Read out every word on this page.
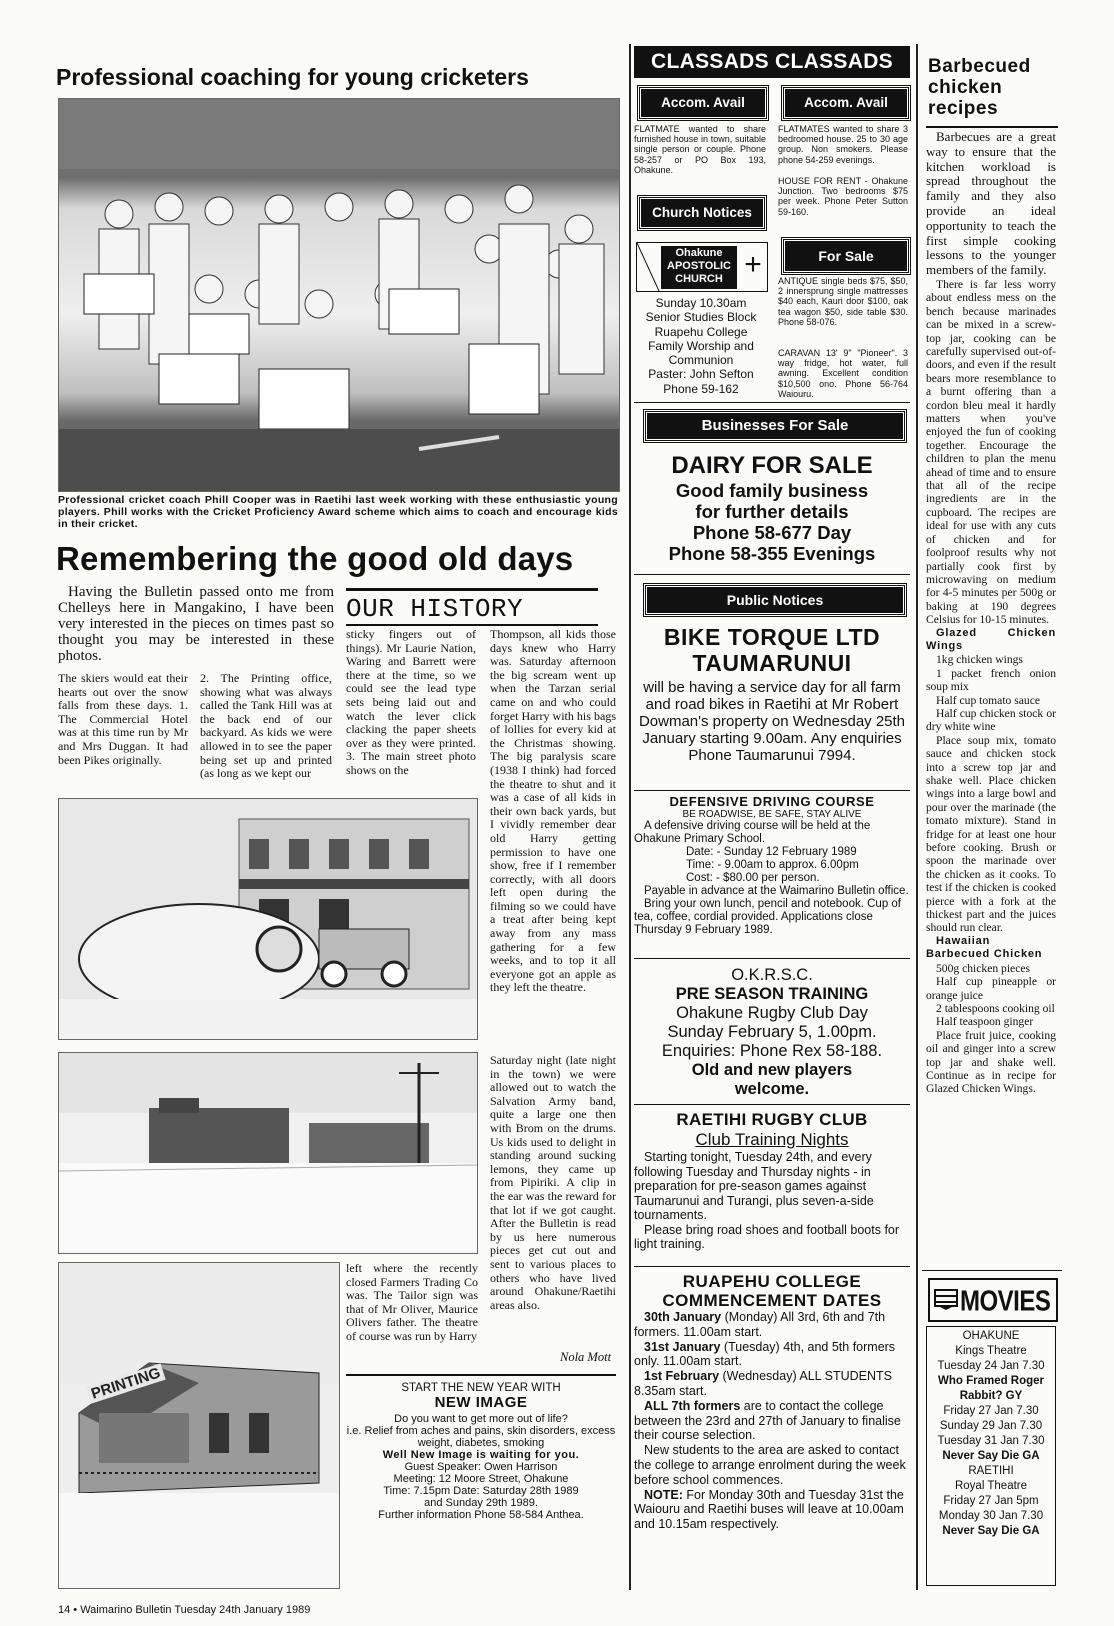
Professional coaching for young cricketers
Professional cricket coach Phill Cooper was in Raetihi last week working with these enthusiastic young players. Phill works with the Cricket Proficiency Award scheme which aims to coach and encourage kids in their cricket.
Remembering the good old days
Having the Bulletin passed onto me from Chelleys here in Mangakino, I have been very interested in the pieces on times past so thought you may be interested in these photos.
The skiers would eat their hearts out over the snow falls from these days. 1. The Commercial Hotel was at this time run by Mr and Mrs Duggan. It had been Pikes originally.
2. The Printing office, showing what was always called the Tank Hill was at the back end of our backyard. As kids we were allowed in to see the paper being set up and printed (as long as we kept our
OUR HISTORY
sticky fingers out of things). Mr Laurie Nation, Waring and Barrett were there at the time, so we could see the lead type sets being laid out and watch the lever click clacking the paper sheets over as they were printed. 3. The main street photo shows on the
Thompson, all kids those days knew who Harry was. Saturday afternoon the big scream went up when the Tarzan serial came on and who could forget Harry with his bags of lollies for every kid at the Christmas showing. The big paralysis scare (1938 I think) had forced the theatre to shut and it was a case of all kids in their own back yards, but I vividly remember dear old Harry getting permission to have one show, free if I remember correctly, with all doors left open during the filming so we could have a treat after being kept away from any mass gathering for a few weeks, and to top it all everyone got an apple as they left the theatre.
Saturday night (late night in the town) we were allowed out to watch the Salvation Army band, quite a large one then with Brom on the drums. Us kids used to delight in standing around sucking lemons, they came up from Pipiriki. A clip in the ear was the reward for that lot if we got caught. After the Bulletin is read by us here numerous pieces get cut out and sent to various places to others who have lived around Ohakune/Raetihi areas also.
PRINTING
left where the recently closed Farmers Trading Co was. The Tailor sign was that of Mr Oliver, Maurice Olivers father. The theatre of course was run by Harry
Nola Mott
START THE NEW YEAR WITH
NEW IMAGE
Do you want to get more out of life?
i.e. Relief from aches and pains, skin disorders, excess weight, diabetes, smoking
Well New Image is waiting for you.
Guest Speaker: Owen Harrison
Meeting: 12 Moore Street, Ohakune
Time: 7.15pm Date: Saturday 28th 1989
and Sunday 29th 1989.
Further information Phone 58-584 Anthea.
14 • Waimarino Bulletin Tuesday 24th January 1989
CLASSADS CLASSADS
Accom. Avail
FLATMATE wanted to share furnished house in town, suitable single person or couple. Phone 58-257 or PO Box 193, Ohakune.
Accom. Avail
FLATMATES wanted to share 3 bedroomed house. 25 to 30 age group. Non smokers. Please phone 54-259 evenings.
HOUSE FOR RENT - Ohakune Junction. Two bedrooms $75 per week. Phone Peter Sutton 59-160.
Church Notices
Ohakune APOSTOLIC CHURCH +
Sunday 10.30am
Senior Studies Block
Ruapehu College
Family Worship and
Communion
Paster: John Sefton
Phone 59-162
For Sale
ANTIQUE single beds $75, $50, 2 innersprung single mattresses $40 each, Kauri door $100, oak tea wagon $50, side table $30. Phone 58-076.
CARAVAN 13' 9" "Pioneer". 3 way fridge, hot water, full awning. Excellent condition $10,500 ono. Phone 56-764 Waiouru.
Businesses For Sale
DAIRY FOR SALE
Good family business
for further details
Phone 58-677 Day
Phone 58-355 Evenings
Public Notices
BIKE TORQUE LTD
TAUMARUNUI
will be having a service day for all farm and road bikes in Raetihi at Mr Robert Dowman's property on Wednesday 25th January starting 9.00am. Any enquiries Phone Taumarunui 7994.
DEFENSIVE DRIVING COURSE
BE ROADWISE, BE SAFE, STAY ALIVE
A defensive driving course will be held at the Ohakune Primary School.
Date: - Sunday 12 February 1989
Time: - 9.00am to approx. 6.00pm
Cost: - $80.00 per person.
Payable in advance at the Waimarino Bulletin office.
Bring your own lunch, pencil and notebook. Cup of tea, coffee, cordial provided. Applications close Thursday 9 February 1989.
O.K.R.S.C.
PRE SEASON TRAINING
Ohakune Rugby Club Day
Sunday February 5, 1.00pm.
Enquiries: Phone Rex 58-188.
Old and new players welcome.
RAETIHI RUGBY CLUB
Club Training Nights
Starting tonight, Tuesday 24th, and every following Tuesday and Thursday nights - in preparation for pre-season games against Taumarunui and Turangi, plus seven-a-side tournaments.
Please bring road shoes and football boots for light training.
RUAPEHU COLLEGE
COMMENCEMENT DATES
30th January (Monday) All 3rd, 6th and 7th formers. 11.00am start.
31st January (Tuesday) 4th, and 5th formers only. 11.00am start.
1st February (Wednesday) ALL STUDENTS 8.35am start.
ALL 7th formers are to contact the college between the 23rd and 27th of January to finalise their course selection.
New students to the area are asked to contact the college to arrange enrolment during the week before school commences.
NOTE: For Monday 30th and Tuesday 31st the Waiouru and Raetihi buses will leave at 10.00am and 10.15am respectively.
Barbecued chicken recipes

Barbecues are a great way to ensure that the kitchen workload is spread throughout the family and they also provide an ideal opportunity to teach the first simple cooking lessons to the younger members of the family.

There is far less worry about endless mess on the bench because marinades can be mixed in a screw-top jar, cooking can be carefully supervised out-of-doors, and even if the result bears more resemblance to a burnt offering than a cordon bleu meal it hardly matters when you've enjoyed the fun of cooking together. Encourage the children to plan the menu ahead of time and to ensure that all of the recipe ingredients are in the cupboard. The recipes are ideal for use with any cuts of chicken and for foolproof results why not partially cook first by microwaving on medium for 4-5 minutes per 500g or baking at 190 degrees Celsius for 10-15 minutes.

Glazed Chicken Wings

1kg chicken wings

1 packet french onion soup mix

Half cup tomato sauce

Half cup chicken stock or dry white wine

Place soup mix, tomato sauce and chicken stock into a screw top jar and shake well. Place chicken wings into a large bowl and pour over the marinade (the tomato mixture). Stand in fridge for at least one hour before cooking. Brush or spoon the marinade over the chicken as it cooks. To test if the chicken is cooked pierce with a fork at the thickest part and the juices should run clear.

Hawaiian Barbecued Chicken

500g chicken pieces

Half cup pineapple or orange juice

2 tablespoons cooking oil

Half teaspoon ginger

Place fruit juice, cooking oil and ginger into a screw top jar and shake well. Continue as in recipe for Glazed Chicken Wings.

MOVIES
OHAKUNE
Kings Theatre
Tuesday 24 Jan 7.30
Who Framed Roger Rabbit? GY
Friday 27 Jan 7.30
Sunday 29 Jan 7.30
Tuesday 31 Jan 7.30
Never Say Die GA
RAETIHI
Royal Theatre
Friday 27 Jan 5pm
Monday 30 Jan 7.30
Never Say Die GA
